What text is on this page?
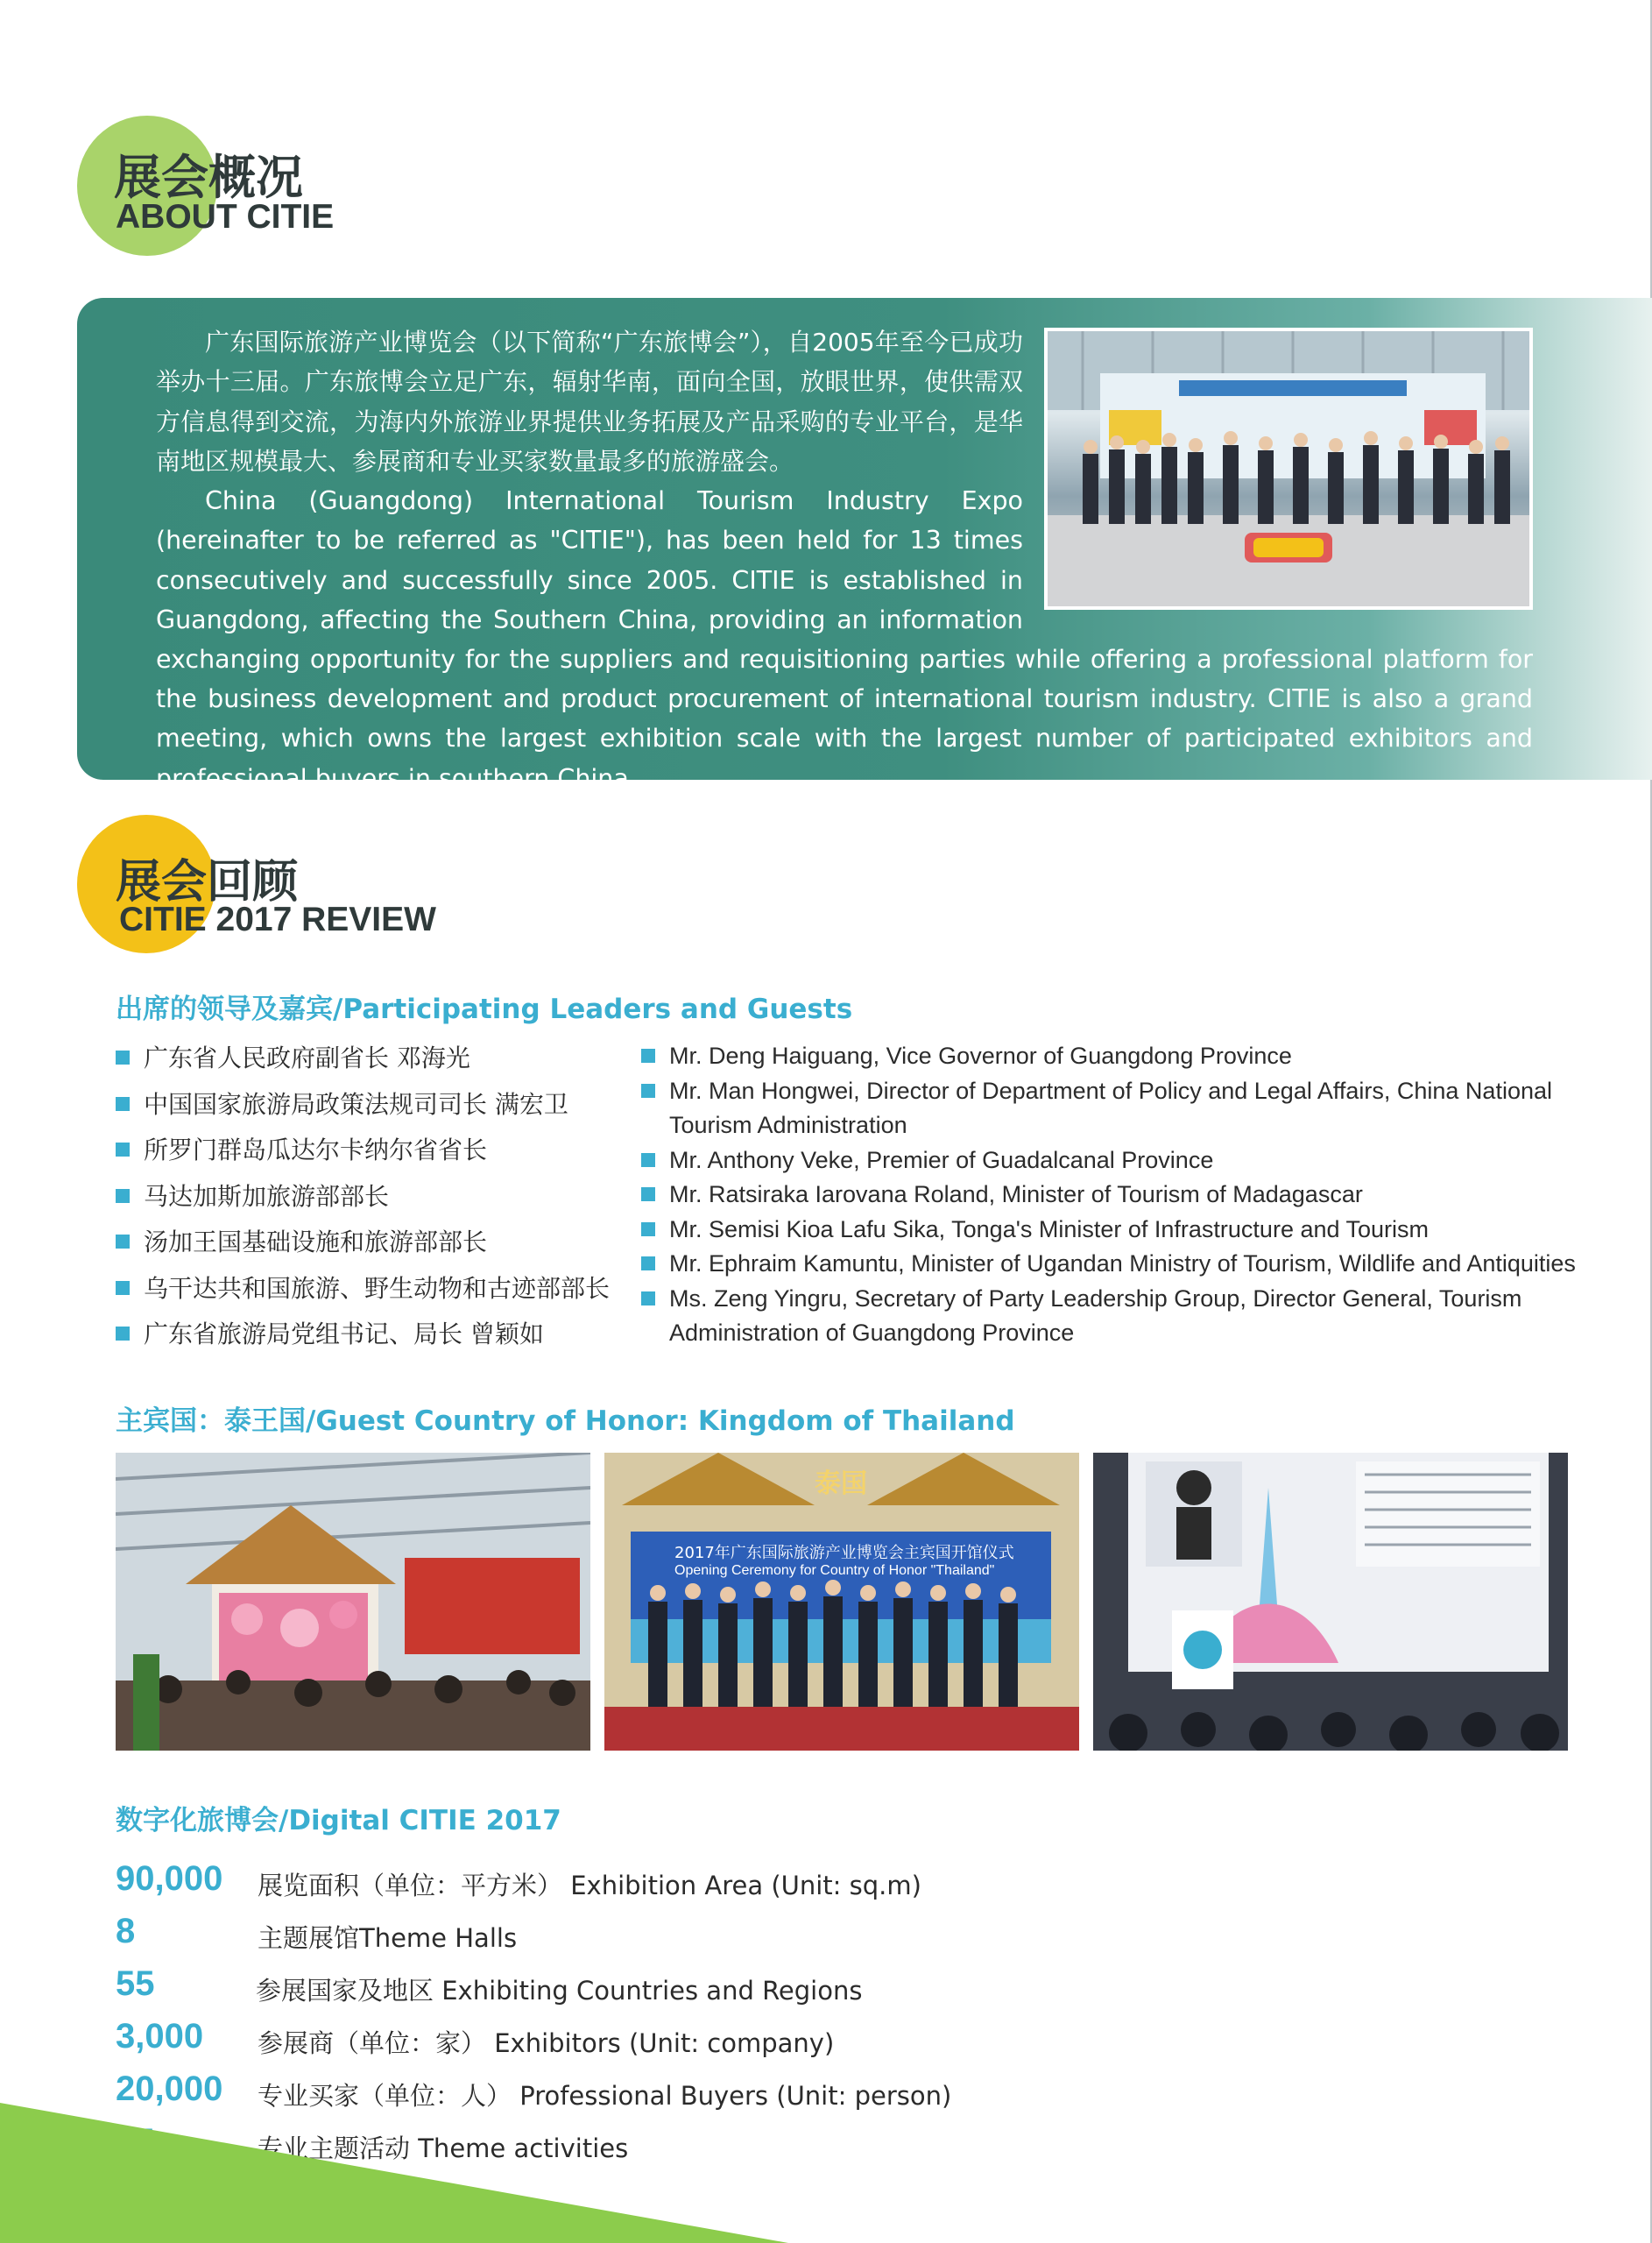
展会概况
ABOUT CITIE

广东国际旅游产业博览会（以下简称“广东旅博会”），自2005年至今已成功举办十三届。广东旅博会立足广东，辐射华南，面向全国，放眼世界，使供需双方信息得到交流，为海内外旅游业界提供业务拓展及产品采购的专业平台，是华南地区规模最大、参展商和专业买家数量最多的旅游盛会。

China (Guangdong) International Tourism Industry Expo (hereinafter to be referred as "CITIE"), has been held for 13 times consecutively and successfully since 2005. CITIE is established in Guangdong, affecting the Southern China, providing an information exchanging opportunity for the suppliers and requisitioning parties while offering a professional platform for the business development and product procurement of international tourism industry. CITIE is also a grand meeting, which owns the largest exhibition scale with the largest number of participated exhibitors and professional buyers in southern China.

展会回顾
CITIE 2017 REVIEW
出席的领导及嘉宾/Participating Leaders and Guests
广东省人民政府副省长 邓海光
中国国家旅游局政策法规司司长 满宏卫
所罗门群岛瓜达尔卡纳尔省省长
马达加斯加旅游部部长
汤加王国基础设施和旅游部部长
乌干达共和国旅游、野生动物和古迹部部长
广东省旅游局党组书记、局长 曾颖如
Mr. Deng Haiguang, Vice Governor of Guangdong Province
Mr. Man Hongwei, Director of Department of Policy and Legal Affairs, China National Tourism Administration
Mr. Anthony Veke, Premier of Guadalcanal Province
Mr. Ratsiraka Iarovana Roland, Minister of Tourism of Madagascar
Mr. Semisi Kioa Lafu Sika, Tonga's Minister of Infrastructure and Tourism
Mr. Ephraim Kamuntu, Minister of Ugandan Ministry of Tourism, Wildlife and Antiquities
Ms. Zeng Yingru, Secretary of Party Leadership Group, Director General, Tourism Administration of Guangdong Province
主宾国：泰王国/Guest Country of Honor: Kingdom of Thailand
泰国
2017年广东国际旅游产业博览会主宾国开馆仪式
Opening Ceremony for Country of Honor "Thailand"
数字化旅博会/Digital CITIE 2017
90,000 展览面积（单位：平方米） Exhibition Area (Unit: sq.m)
8	主题展馆Theme Halls
55	参展国家及地区 Exhibiting Countries and Regions
3,000 参展商（单位：家） Exhibitors (Unit: company)
20,000 专业买家（单位：人） Professional Buyers (Unit: person)
专业主题活动 Theme activities
